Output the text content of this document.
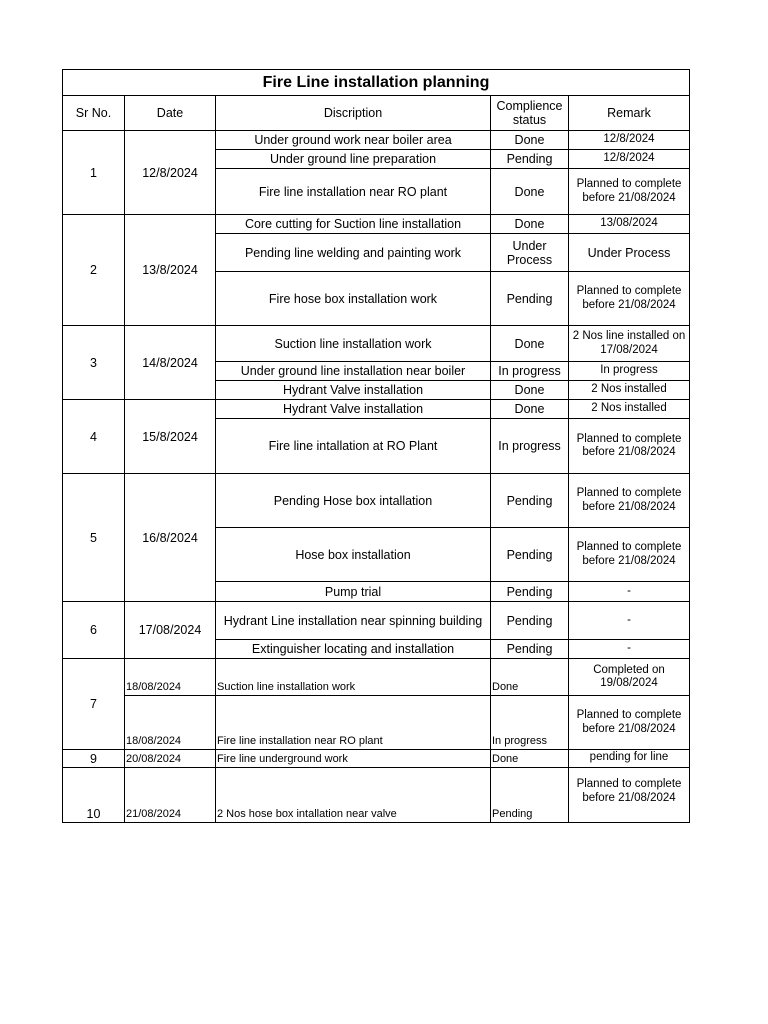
Fire Line installation planning				
Sr No.	Date	Discription	Complience status	Remark
1	12/8/2024	Under ground work near boiler area	Done	12/8/2024
		Under ground line preparation	Pending	12/8/2024
		Fire line installation near RO plant	Done	Planned to complete before 21/08/2024
2	13/8/2024	Core cutting for Suction line installation	Done	13/08/2024
		Pending line welding and painting work	Under Process	Under Process
		Fire hose box installation work	Pending	Planned to complete before 21/08/2024
3	14/8/2024	Suction line installation work	Done	2 Nos line installed on 17/08/2024
		Under ground line installation near boiler	In progress	In progress
		Hydrant Valve installation	Done	2 Nos installed
4	15/8/2024	Hydrant Valve installation	Done	2 Nos installed
		Fire line intallation at RO Plant	In progress	Planned to complete before 21/08/2024
5	16/8/2024	Pending Hose box intallation	Pending	Planned to complete before 21/08/2024
		Hose box installation	Pending	Planned to complete before 21/08/2024
		Pump trial	Pending	-
6	17/08/2024	Hydrant Line installation near spinning building	Pending	-
		Extinguisher locating and installation	Pending	-
7	18/08/2024	Suction line installation work	Done	Completed on 19/08/2024
	18/08/2024	Fire line installation near RO plant	In progress	Planned to complete before 21/08/2024
9	20/08/2024	Fire line underground work	Done	pending for line

10	21/08/2024	2 Nos hose box intallation near valve	Pending	Planned to complete before 21/08/2024
